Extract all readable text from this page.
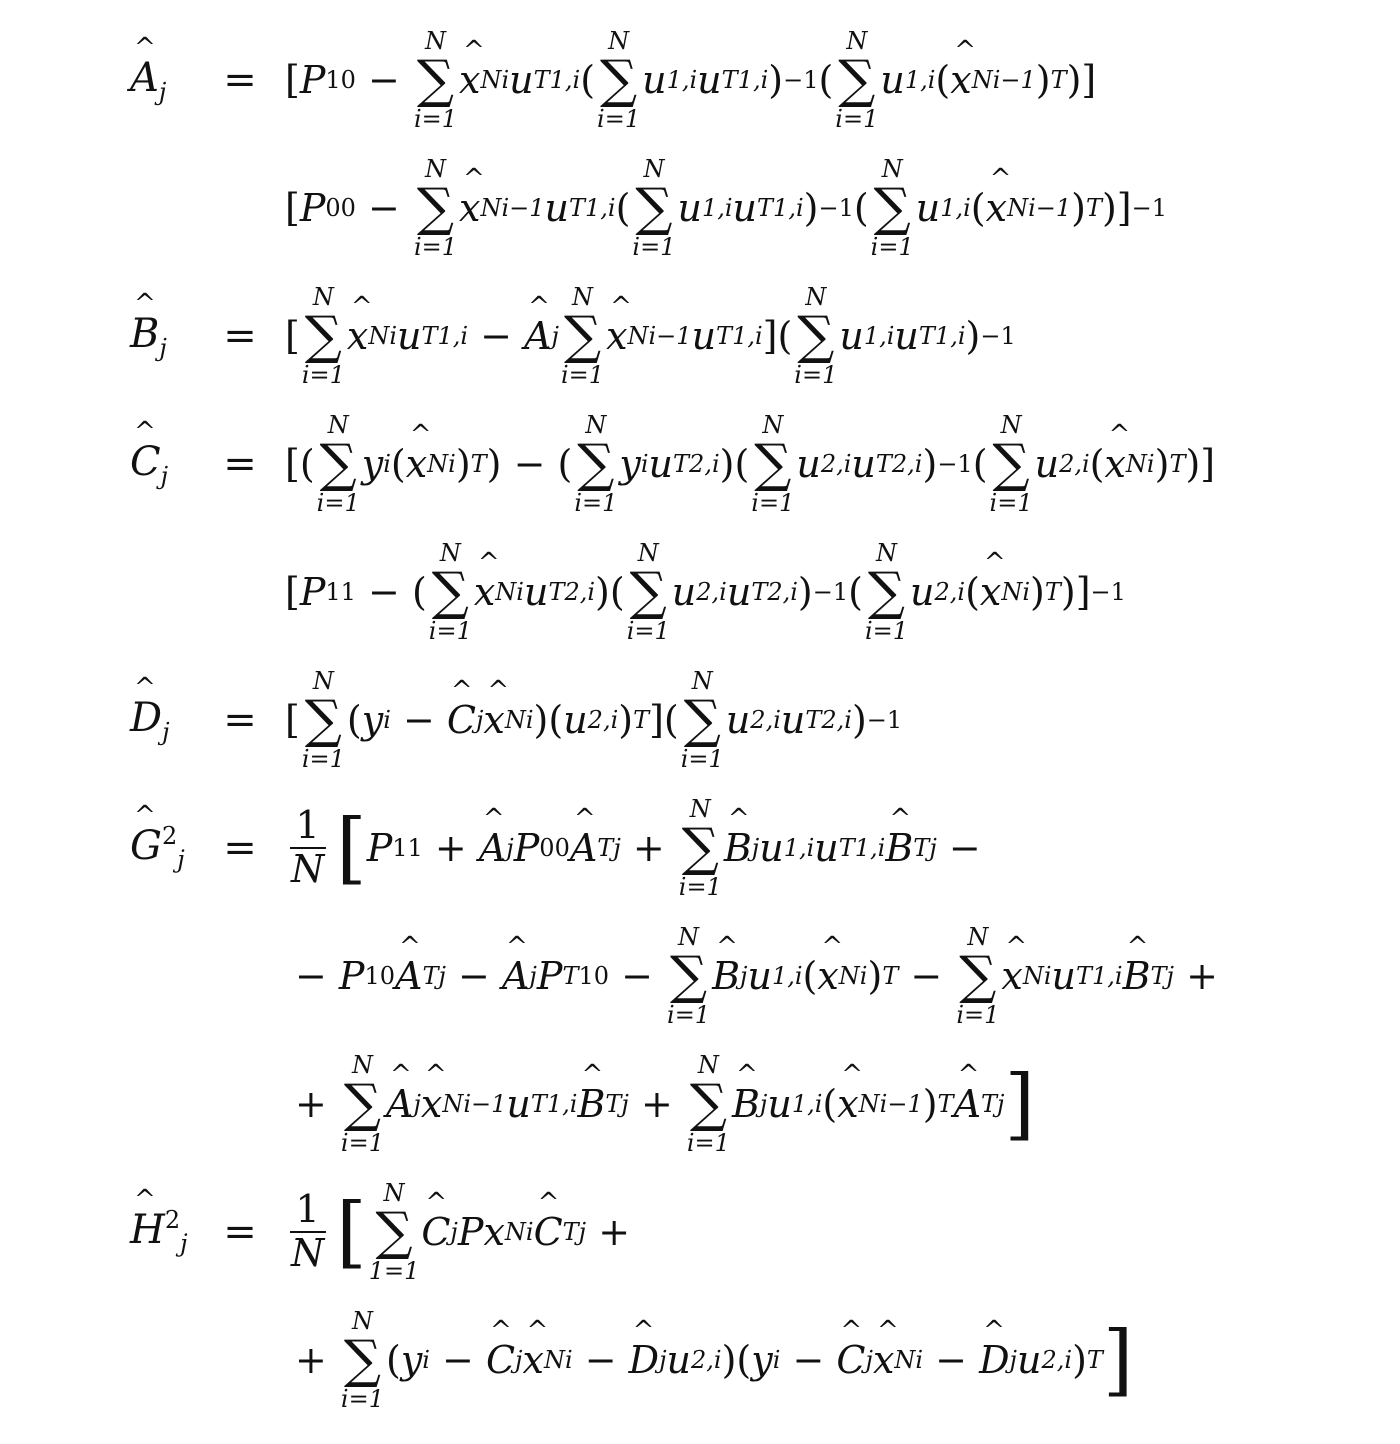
^ $A_j$	= [ P 10 −
N
∑
i=1
^ x N i u T 1,i (
N
∑
i=1
u 1,i u T 1,i ) −1 (
N
∑
i=1
u 1,i ( ^ x N i−1 ) T )]
[ P 00 −
N
∑
i=1
^ x N i−1 u T 1,i (
N
∑
i=1
u 1,i u T 1,i ) −1 (
N
∑
i=1
u 1,i ( ^ x N i−1 ) T )] −1
^ $B_j$	= [
N
∑
i=1
^ x N i u T 1,i − ^ A j
N
∑
i=1
^ x N i−1 u T 1,i ](
N
∑
i=1
u 1,i u T 1,i ) −1
^ $C_j$	= [(
N
∑
i=1
y i ( ^ x N i ) T ) − (
N
∑
i=1
y i u T 2,i )(
N
∑
i=1
u 2,i u T 2,i ) −1 (
N
∑
i=1
u 2,i ( ^ x N i ) T )]
[ P 11 − (
N
∑
i=1
^ x N i u T 2,i )(
N
∑
i=1
u 2,i u T 2,i ) −1 (
N
∑
i=1
u 2,i ( ^ x N i ) T )] −1
^ $D_j$	= [
N
∑
i=1
( y i − ^ C j ^ x N i )( u 2,i ) T ](
N
∑
i=1
u 2,i u T 2,i ) −1
^ $G^2_j = \frac{1}{N}$ [ P 11 + ^ A j P 00 ^ A T j +
N
∑
i=1
^ B j u 1,i u T 1,i ^ B T j −
− P 10 ^ A T j − ^ A j P T 10 −
N
∑
i=1
^ B j u 1,i ( ^ x N i ) T −
N
∑
i=1
^ x N i u T 1,i ^ B T j +
+
N
∑
i=1
^ A j ^ x N i−1 u T 1,i ^ B T j +
N
∑
i=1
^ B j u 1,i ( ^ x N i−1 ) T ^ A T j ]
^ $H^2_j = \frac{1}{N}$ [ N
∑
1=1
^ C j P x N i ^ C T j +
+
N
∑
i=1
( y i − ^ C j ^ x N i − ^ D j u 2,i )( y i − ^ C j ^ x N i − ^ D j u 2,i ) T ]
